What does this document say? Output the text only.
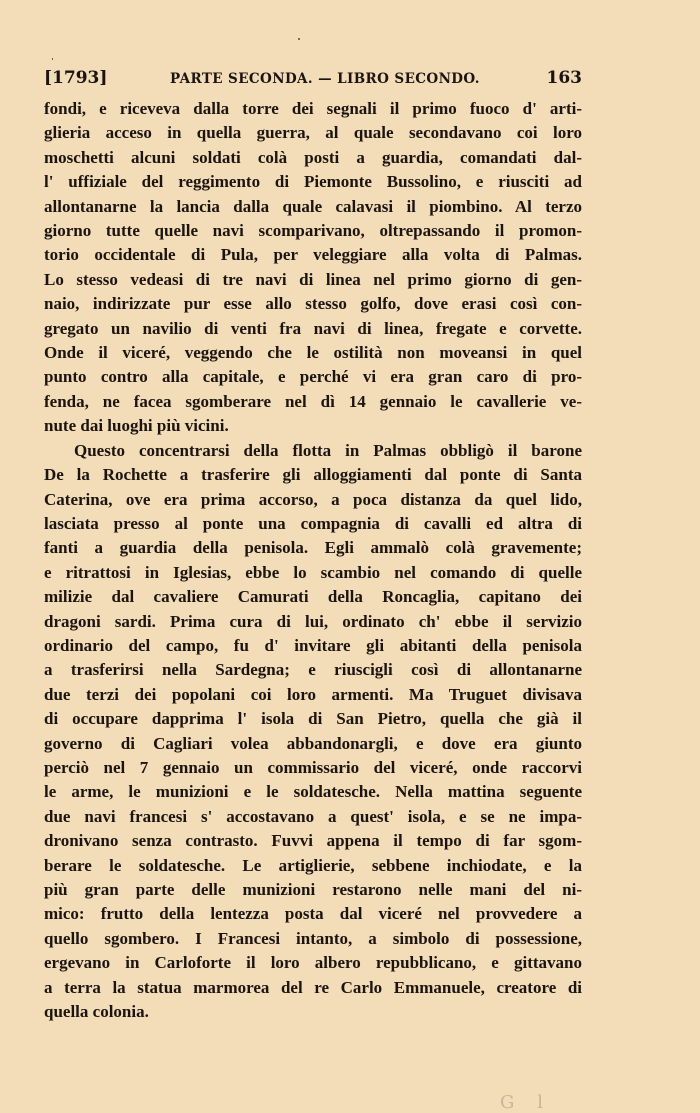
[1793]	PARTE SECONDA. — LIBRO SECONDO.	163
fondi, e riceveva dalla torre dei segnali il primo fuoco d' arti-
glieria acceso in quella guerra, al quale secondavano coi loro
moschetti alcuni soldati colà posti a guardia, comandati dal-
l' uffiziale del reggimento di Piemonte Bussolino, e riusciti ad
allontanarne la lancia dalla quale calavasi il piombino. Al terzo
giorno tutte quelle navi scomparivano, oltrepassando il promon-
torio occidentale di Pula, per veleggiare alla volta di Palmas.
Lo stesso vedeasi di tre navi di linea nel primo giorno di gen-
naio, indirizzate pur esse allo stesso golfo, dove erasi così con-
gregato un navilio di venti fra navi di linea, fregate e corvette.
Onde il viceré, veggendo che le ostilità non moveansi in quel
punto contro alla capitale, e perché vi era gran caro di pro-
fenda, ne facea sgomberare nel dì 14 gennaio le cavallerie ve-
nute dai luoghi più vicini.
Questo concentrarsi della flotta in Palmas obbligò il barone
De la Rochette a trasferire gli alloggiamenti dal ponte di Santa
Caterina, ove era prima accorso, a poca distanza da quel lido,
lasciata presso al ponte una compagnia di cavalli ed altra di
fanti a guardia della penisola. Egli ammalò colà gravemente;
e ritrattosi in Iglesias, ebbe lo scambio nel comando di quelle
milizie dal cavaliere Camurati della Roncaglia, capitano dei
dragoni sardi. Prima cura di lui, ordinato ch' ebbe il servizio
ordinario del campo, fu d' invitare gli abitanti della penisola
a trasferirsi nella Sardegna; e riuscigli così di allontanarne
due terzi dei popolani coi loro armenti. Ma Truguet divisava
di occupare dapprima l' isola di San Pietro, quella che già il
governo di Cagliari volea abbandonargli, e dove era giunto
perciò nel 7 gennaio un commissario del viceré, onde raccorvi
le arme, le munizioni e le soldatesche. Nella mattina seguente
due navi francesi s' accostavano a quest' isola, e se ne impa-
dronivano senza contrasto. Fuvvi appena il tempo di far sgom-
berare le soldatesche. Le artiglierie, sebbene inchiodate, e la
più gran parte delle munizioni restarono nelle mani del ni-
mico: frutto della lentezza posta dal viceré nel provvedere a
quello sgombero. I Francesi intanto, a simbolo di possessione,
ergevano in Carloforte il loro albero repubblicano, e gittavano
a terra la statua marmorea del re Carlo Emmanuele, creatore di
quella colonia.
G    l
